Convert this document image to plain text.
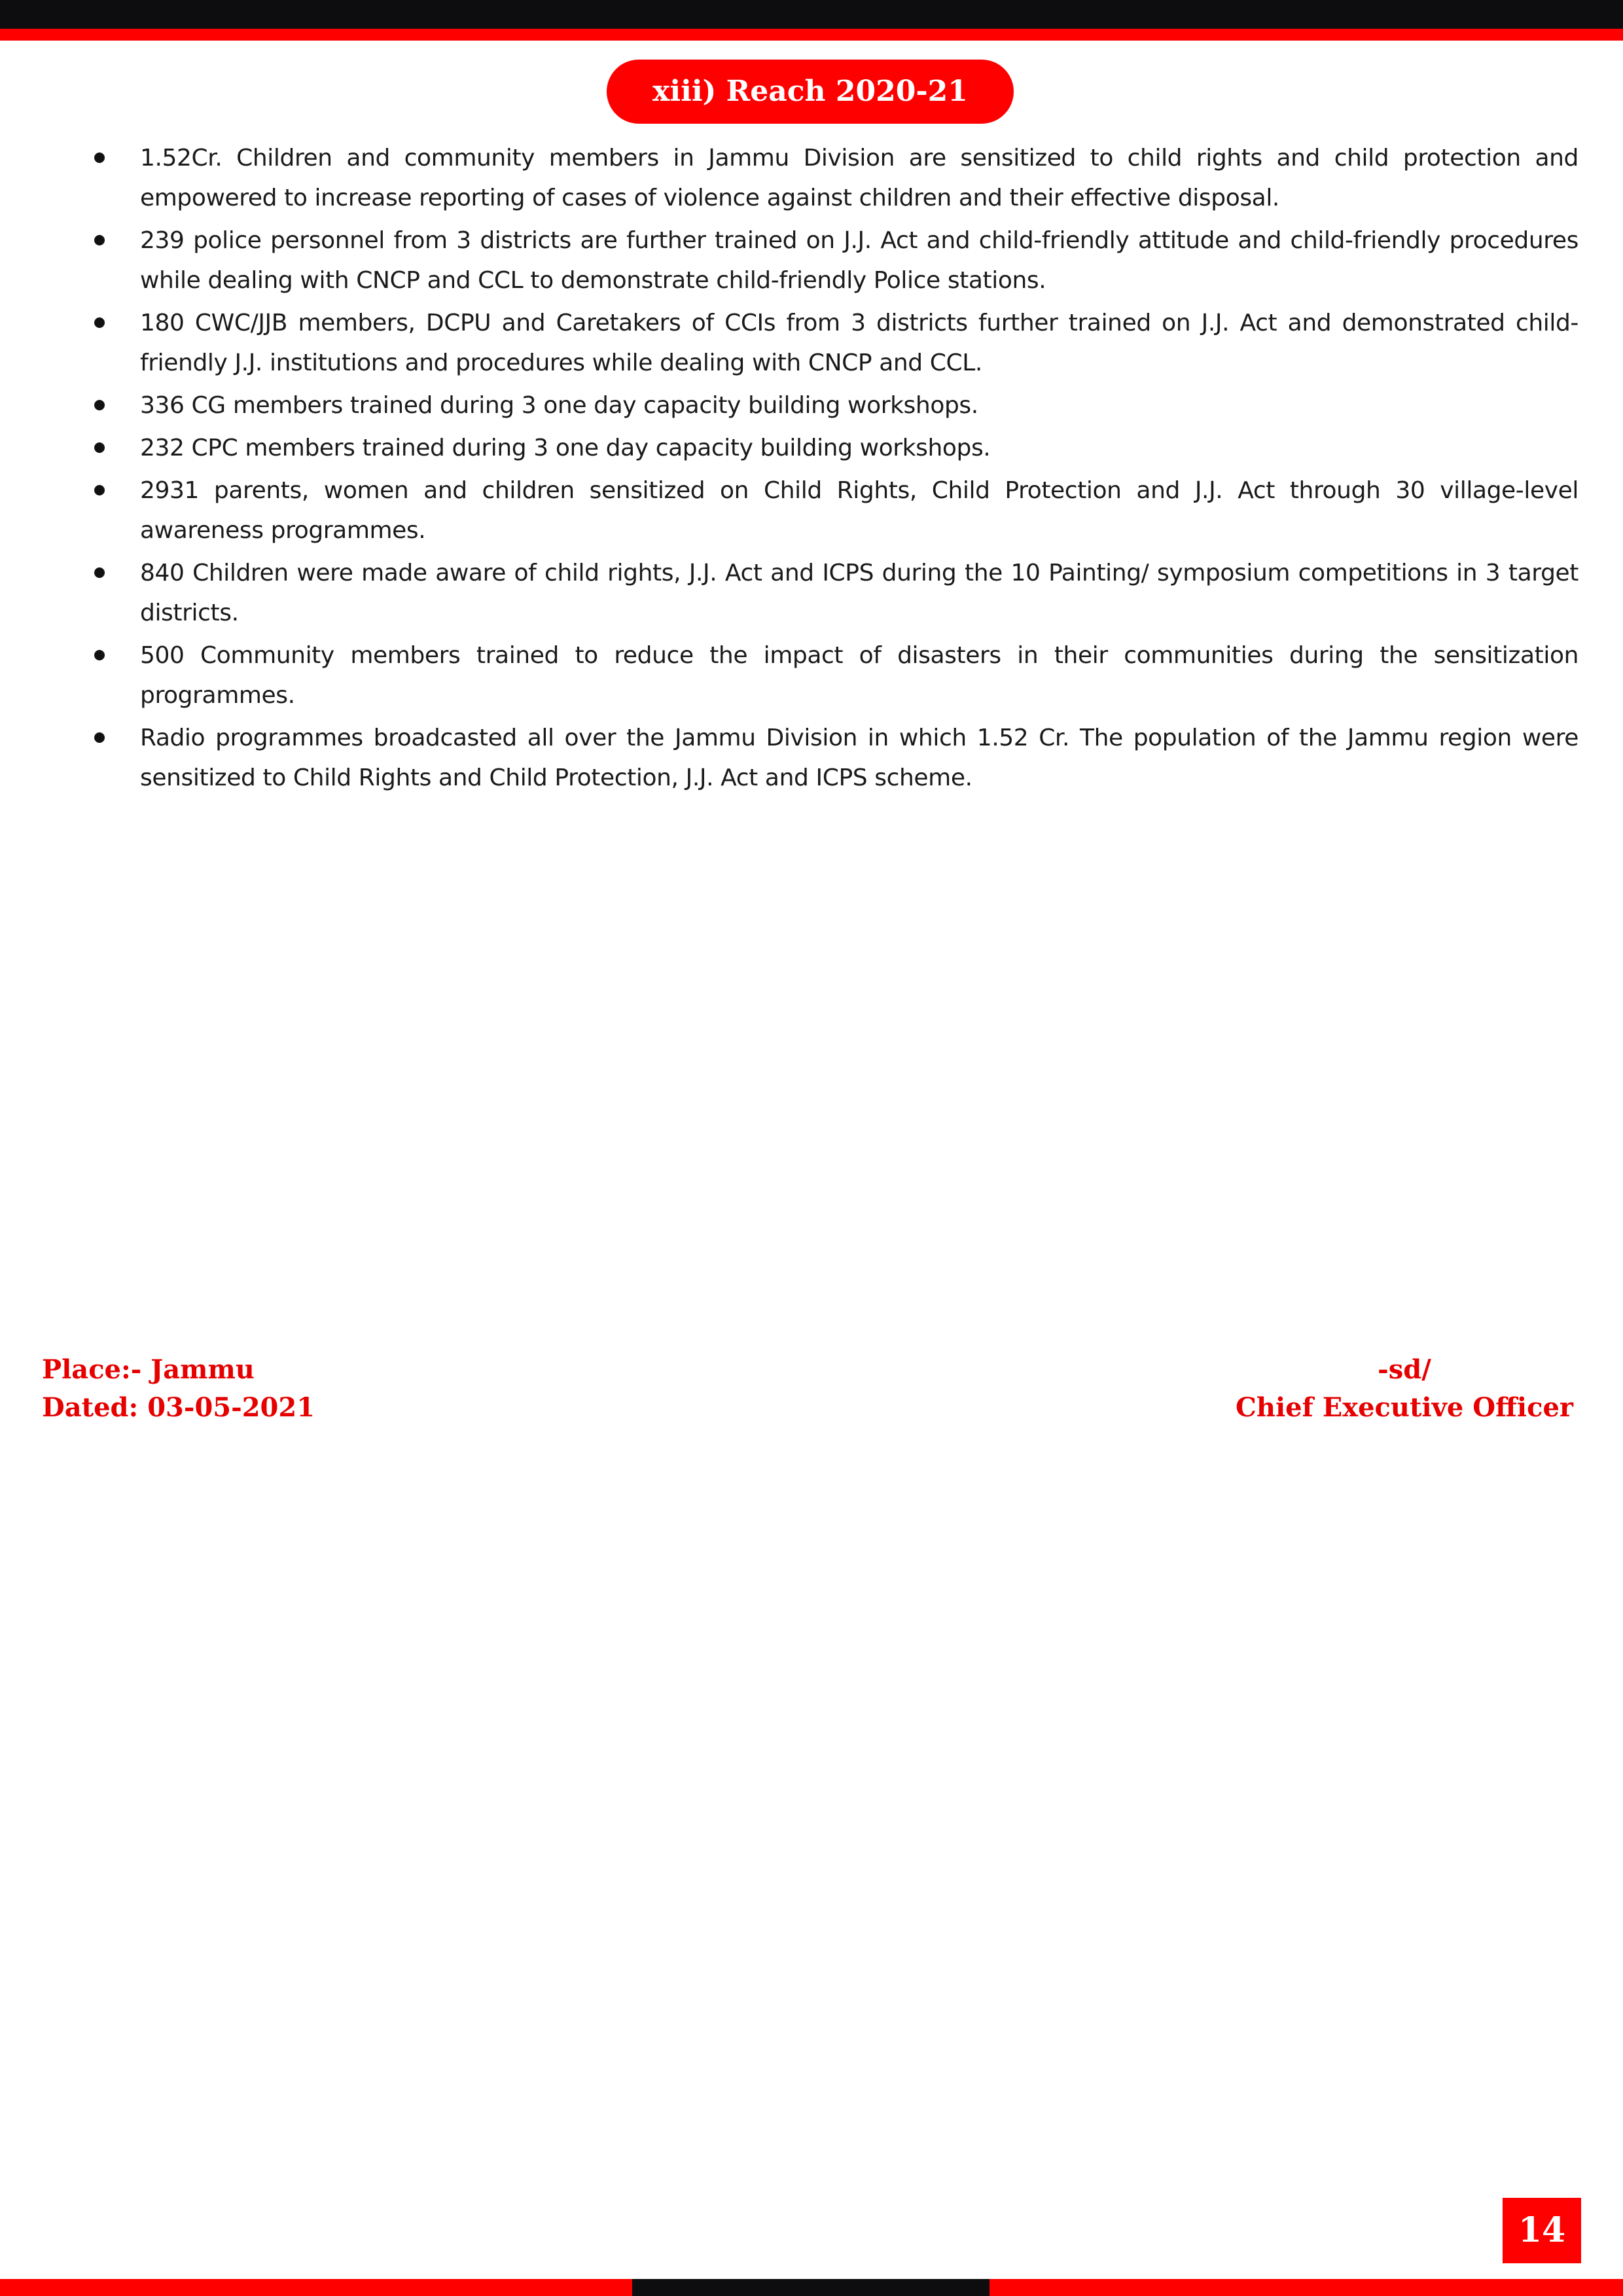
xiii) Reach 2020-21
1.52Cr. Children and community members in Jammu Division are sensitized to child rights and child protection and empowered to increase reporting of cases of violence against children and their effective disposal.
239 police personnel from 3 districts are further trained on J.J. Act and child-friendly attitude and child-friendly procedures while dealing with CNCP and CCL to demonstrate child-friendly Police stations.
180 CWC/JJB members, DCPU and Caretakers of CCIs from 3 districts further trained on J.J. Act and demonstrated child-friendly J.J. institutions and procedures while dealing with CNCP and CCL.
336 CG members trained during 3 one day capacity building workshops.
232 CPC members trained during 3 one day capacity building workshops.
2931 parents, women and children sensitized on Child Rights, Child Protection and J.J. Act through 30 village-level awareness programmes.
840 Children were made aware of child rights, J.J. Act and ICPS during the 10 Painting/ symposium competitions in 3 target districts.
500 Community members trained to reduce the impact of disasters in their communities during the sensitization programmes.
Radio programmes broadcasted all over the Jammu Division in which 1.52 Cr. The population of the Jammu region were sensitized to Child Rights and Child Protection, J.J. Act and ICPS scheme.
Place:- Jammu
Dated: 03-05-2021
-sd/
Chief Executive Officer
14
